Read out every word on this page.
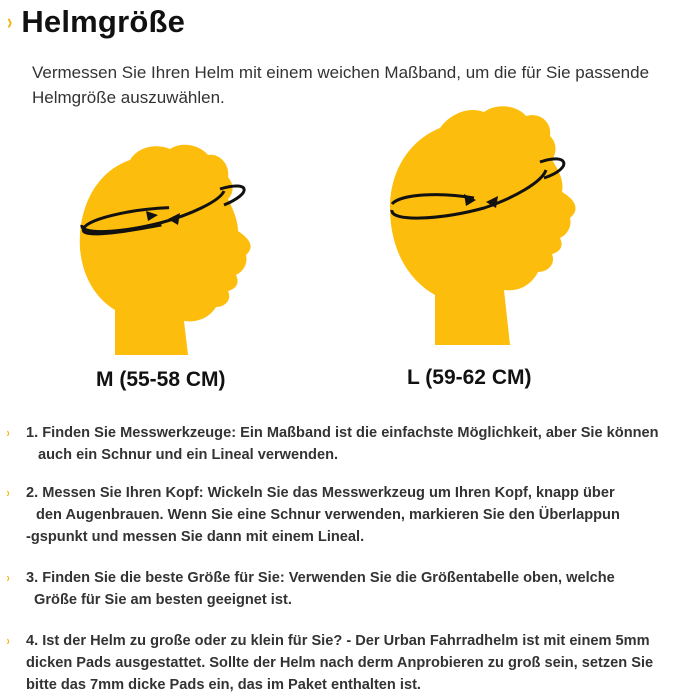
› Helmgröße
Vermessen Sie Ihren Helm mit einem weichen Maßband, um die für Sie passende Helmgröße auszuwählen.
M (55-58 CM)	L (59-62 CM)
› 1. Finden Sie Messwerkzeuge: Ein Maßband ist die einfachste Möglichkeit, aber Sie können
auch ein Schnur und ein Lineal verwenden.
› 2. Messen Sie Ihren Kopf: Wickeln Sie das Messwerkzeug um Ihren Kopf, knapp über
den Augenbrauen. Wenn Sie eine Schnur verwenden, markieren Sie den Überlappun
-gspunkt und messen Sie dann mit einem Lineal.
› 3. Finden Sie die beste Größe für Sie: Verwenden Sie die Größentabelle oben, welche
Größe für Sie am besten geeignet ist.
› 4. Ist der Helm zu große oder zu klein für Sie? - Der Urban Fahrradhelm ist mit einem 5mm
dicken Pads ausgestattet. Sollte der Helm nach derm Anprobieren zu groß sein, setzen Sie
bitte das 7mm dicke Pads ein, das im Paket enthalten ist.
